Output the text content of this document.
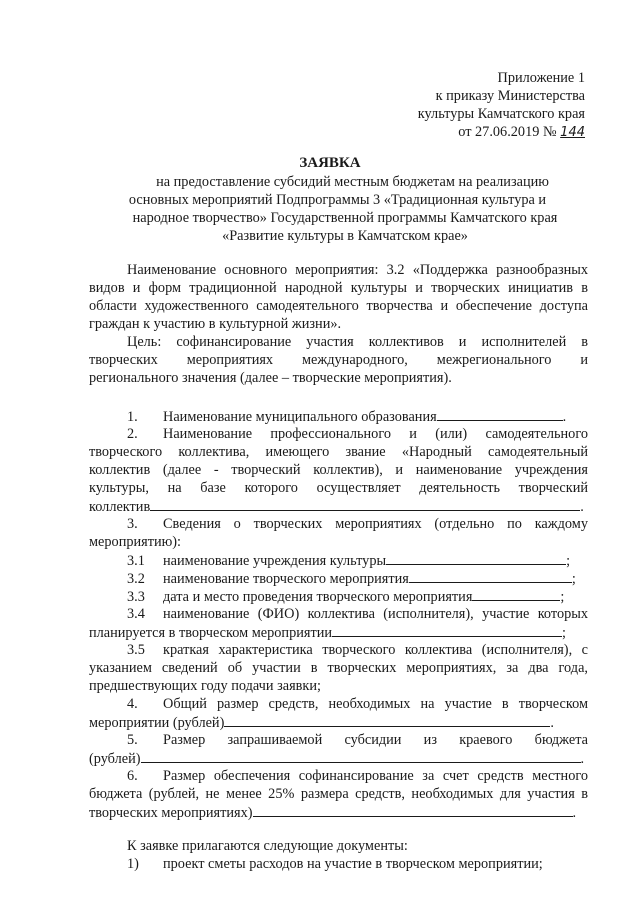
Приложение 1
к приказу Министерства
культуры Камчатского края
от 27.06.2019 № 144
ЗАЯВКА
на предоставление субсидий местным бюджетам на реализацию
основных мероприятий Подпрограммы 3 «Традиционная культура и
народное творчество» Государственной программы Камчатского края
«Развитие культуры в Камчатском крае»
Наименование основного мероприятия: 3.2 «Поддержка разнообразных
видов и форм традиционной народной культуры и творческих инициатив в
области художественного самодеятельного творчества и обеспечение доступа
граждан к участию в культурной жизни».
Цель: софинансирование участия коллективов и исполнителей в
творческих мероприятиях международного, межрегионального и
регионального значения (далее – творческие мероприятия).
1. Наименование муниципального образования	.
2. Наименование профессионального и (или) самодеятельного
творческого коллектива, имеющего звание «Народный самодеятельный
коллектив (далее - творческий коллектив), и наименование учреждения
культуры, на базе которого осуществляет деятельность творческий
коллектив	.
3. Сведения о творческих мероприятиях (отдельно по каждому
мероприятию):
3.1 наименование учреждения культуры	;
3.2 наименование творческого мероприятия	;
3.3 дата и место проведения творческого мероприятия	;
3.4 наименование (ФИО) коллектива (исполнителя), участие которых
планируется в творческом мероприятии	;
3.5 краткая характеристика творческого коллектива (исполнителя), с
указанием сведений об участии в творческих мероприятиях, за два года,
предшествующих году подачи заявки;
4. Общий размер средств, необходимых на участие в творческом
мероприятии (рублей)	.
5. Размер запрашиваемой субсидии из краевого бюджета
(рублей)	.
6. Размер обеспечения софинансирование за счет средств местного
бюджета (рублей, не менее 25% размера средств, необходимых для участия в
творческих мероприятиях)	.
К заявке прилагаются следующие документы:
1) проект сметы расходов на участие в творческом мероприятии;
